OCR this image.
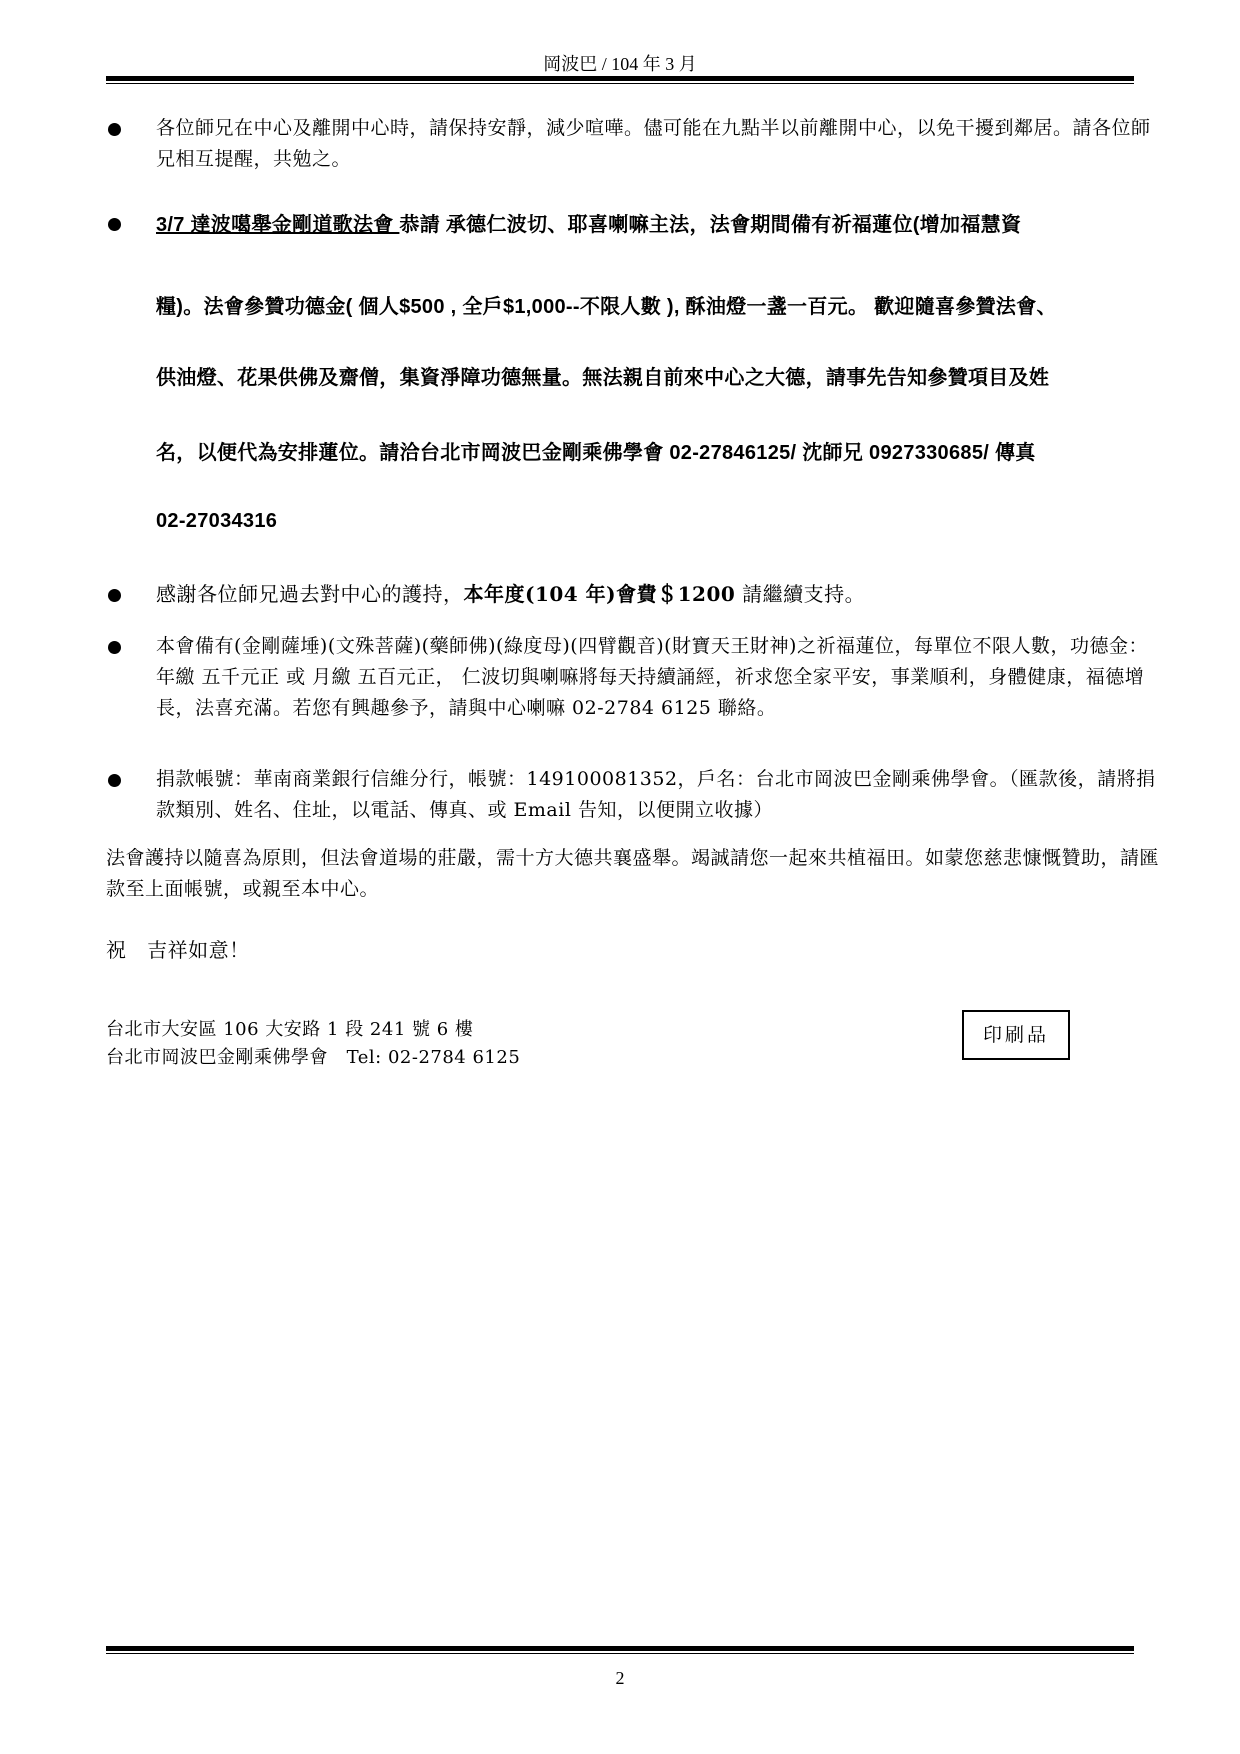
岡波巴 / 104 年 3 月
各位師兄在中心及離開中心時，請保持安靜，減少喧嘩。儘可能在九點半以前離開中心，以免干擾到鄰居。請各位師兄相互提醒，共勉之。
3/7 達波噶舉金剛道歌法會 恭請 承德仁波切、耶喜喇嘛主法，法會期間備有祈福蓮位(增加福慧資
糧)。法會參贊功德金( 個人$500 , 全戶$1,000--不限人數 ), 酥油燈一盞一百元。 歡迎隨喜參贊法會、
供油燈、花果供佛及齋僧，集資淨障功德無量。無法親自前來中心之大德，請事先告知參贊項目及姓
名，以便代為安排蓮位。請洽台北市岡波巴金剛乘佛學會 02-27846125/ 沈師兄 0927330685/ 傳真
02-27034316
感謝各位師兄過去對中心的護持，本年度(104 年)會費＄1200 請繼續支持。
本會備有(金剛薩埵)(文殊菩薩)(藥師佛)(綠度母)(四臂觀音)(財寶天王財神)之祈福蓮位，每單位不限人數，功德金：年繳 五千元正 或 月繳 五百元正， 仁波切與喇嘛將每天持續誦經，祈求您全家平安，事業順利，身體健康，福德增長，法喜充滿。若您有興趣參予，請與中心喇嘛 02-2784 6125 聯絡。
捐款帳號：華南商業銀行信維分行，帳號：149100081352，戶名：台北市岡波巴金剛乘佛學會。（匯款後，請將捐款類別、姓名、住址，以電話、傳真、或 Email 告知，以便開立收據）
法會護持以隨喜為原則，但法會道場的莊嚴，需十方大德共襄盛舉。竭誠請您一起來共植福田。如蒙您慈悲慷慨贊助，請匯款至上面帳號，或親至本中心。
祝   吉祥如意！
台北市大安區 106 大安路 1 段 241 號 6 樓
台北市岡波巴金剛乘佛學會   Tel: 02-2784 6125
印刷品
2
